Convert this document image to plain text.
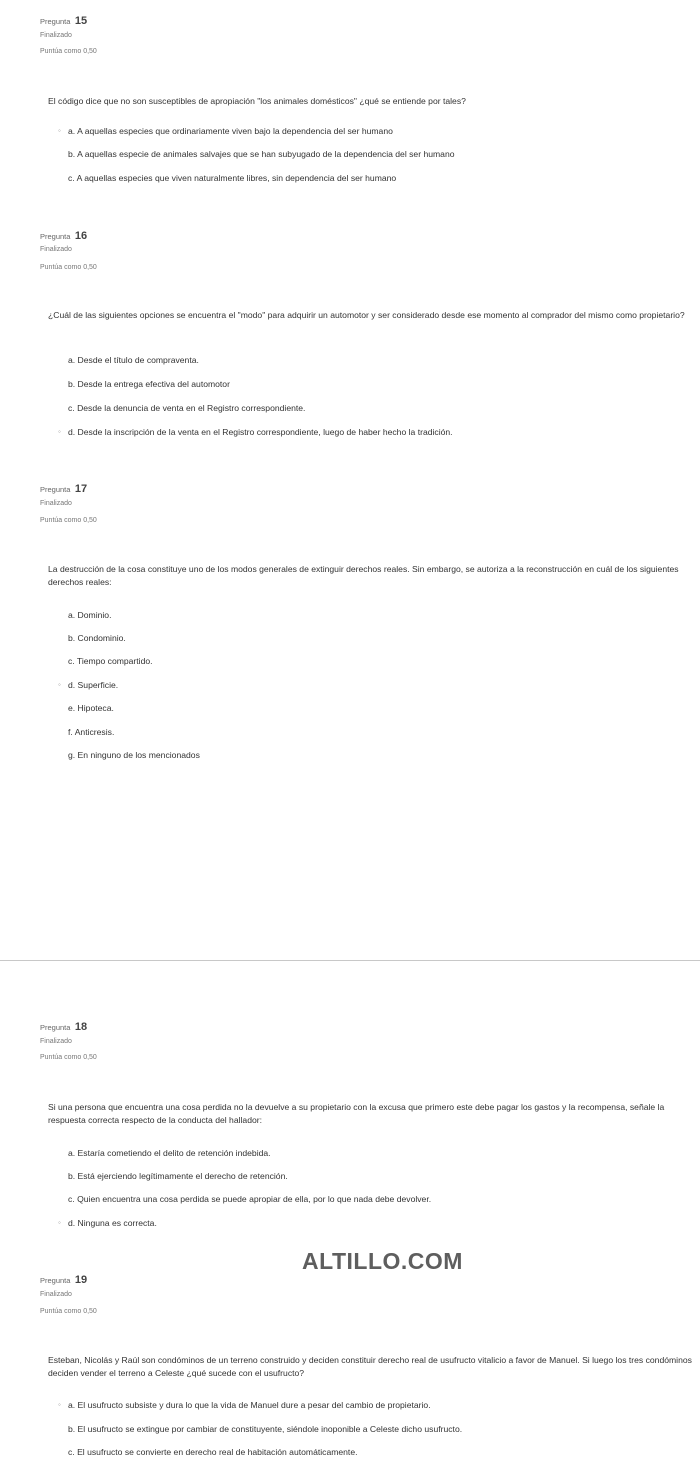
Pregunta 15
Finalizado
Puntúa como 0,50
El código dice que no son susceptibles de apropiación "los animales domésticos" ¿qué se entiende por tales?
◦ a. A aquellas especies que ordinariamente viven bajo la dependencia del ser humano
b. A aquellas especie de animales salvajes que se han subyugado de la dependencia del ser humano
c. A aquellas especies que viven naturalmente libres, sin dependencia del ser humano
Pregunta 16
Finalizado
Puntúa como 0,50
¿Cuál de las siguientes opciones se encuentra el "modo" para adquirir un automotor y ser considerado desde ese momento al comprador del mismo como propietario?
a. Desde el título de compraventa.
b. Desde la entrega efectiva del automotor
c. Desde la denuncia de venta en el Registro correspondiente.
◦ d. Desde la inscripción de la venta en el Registro correspondiente, luego de haber hecho la tradición.
Pregunta 17
Finalizado
Puntúa como 0,50
La destrucción de la cosa constituye uno de los modos generales de extinguir derechos reales. Sin embargo, se autoriza a la reconstrucción en cuál de los siguientes derechos reales:
a. Dominio.
b. Condominio.
c. Tiempo compartido.
◦ d. Superficie.
e. Hipoteca.
f. Anticresis.
g. En ninguno de los mencionados
Pregunta 18
Finalizado
Puntúa como 0,50
Si una persona que encuentra una cosa perdida no la devuelve a su propietario con la excusa que primero este debe pagar los gastos y la recompensa, señale la respuesta correcta respecto de la conducta del hallador:
a. Estaría cometiendo el delito de retención indebida.
b. Está ejerciendo legítimamente el derecho de retención.
c. Quien encuentra una cosa perdida se puede apropiar de ella, por lo que nada debe devolver.
◦ d. Ninguna es correcta.
ALTILLO.COM
Pregunta 19
Finalizado
Puntúa como 0,50
Esteban, Nicolás y Raúl son condóminos de un terreno construido y deciden constituir derecho real de usufructo vitalicio a favor de Manuel. Si luego los tres condóminos deciden vender el terreno a Celeste ¿qué sucede con el usufructo?
◦ a. El usufructo subsiste y dura lo que la vida de Manuel dure a pesar del cambio de propietario.
b. El usufructo se extingue por cambiar de constituyente, siéndole inoponible a Celeste dicho usufructo.
c. El usufructo se convierte en derecho real de habitación automáticamente.
